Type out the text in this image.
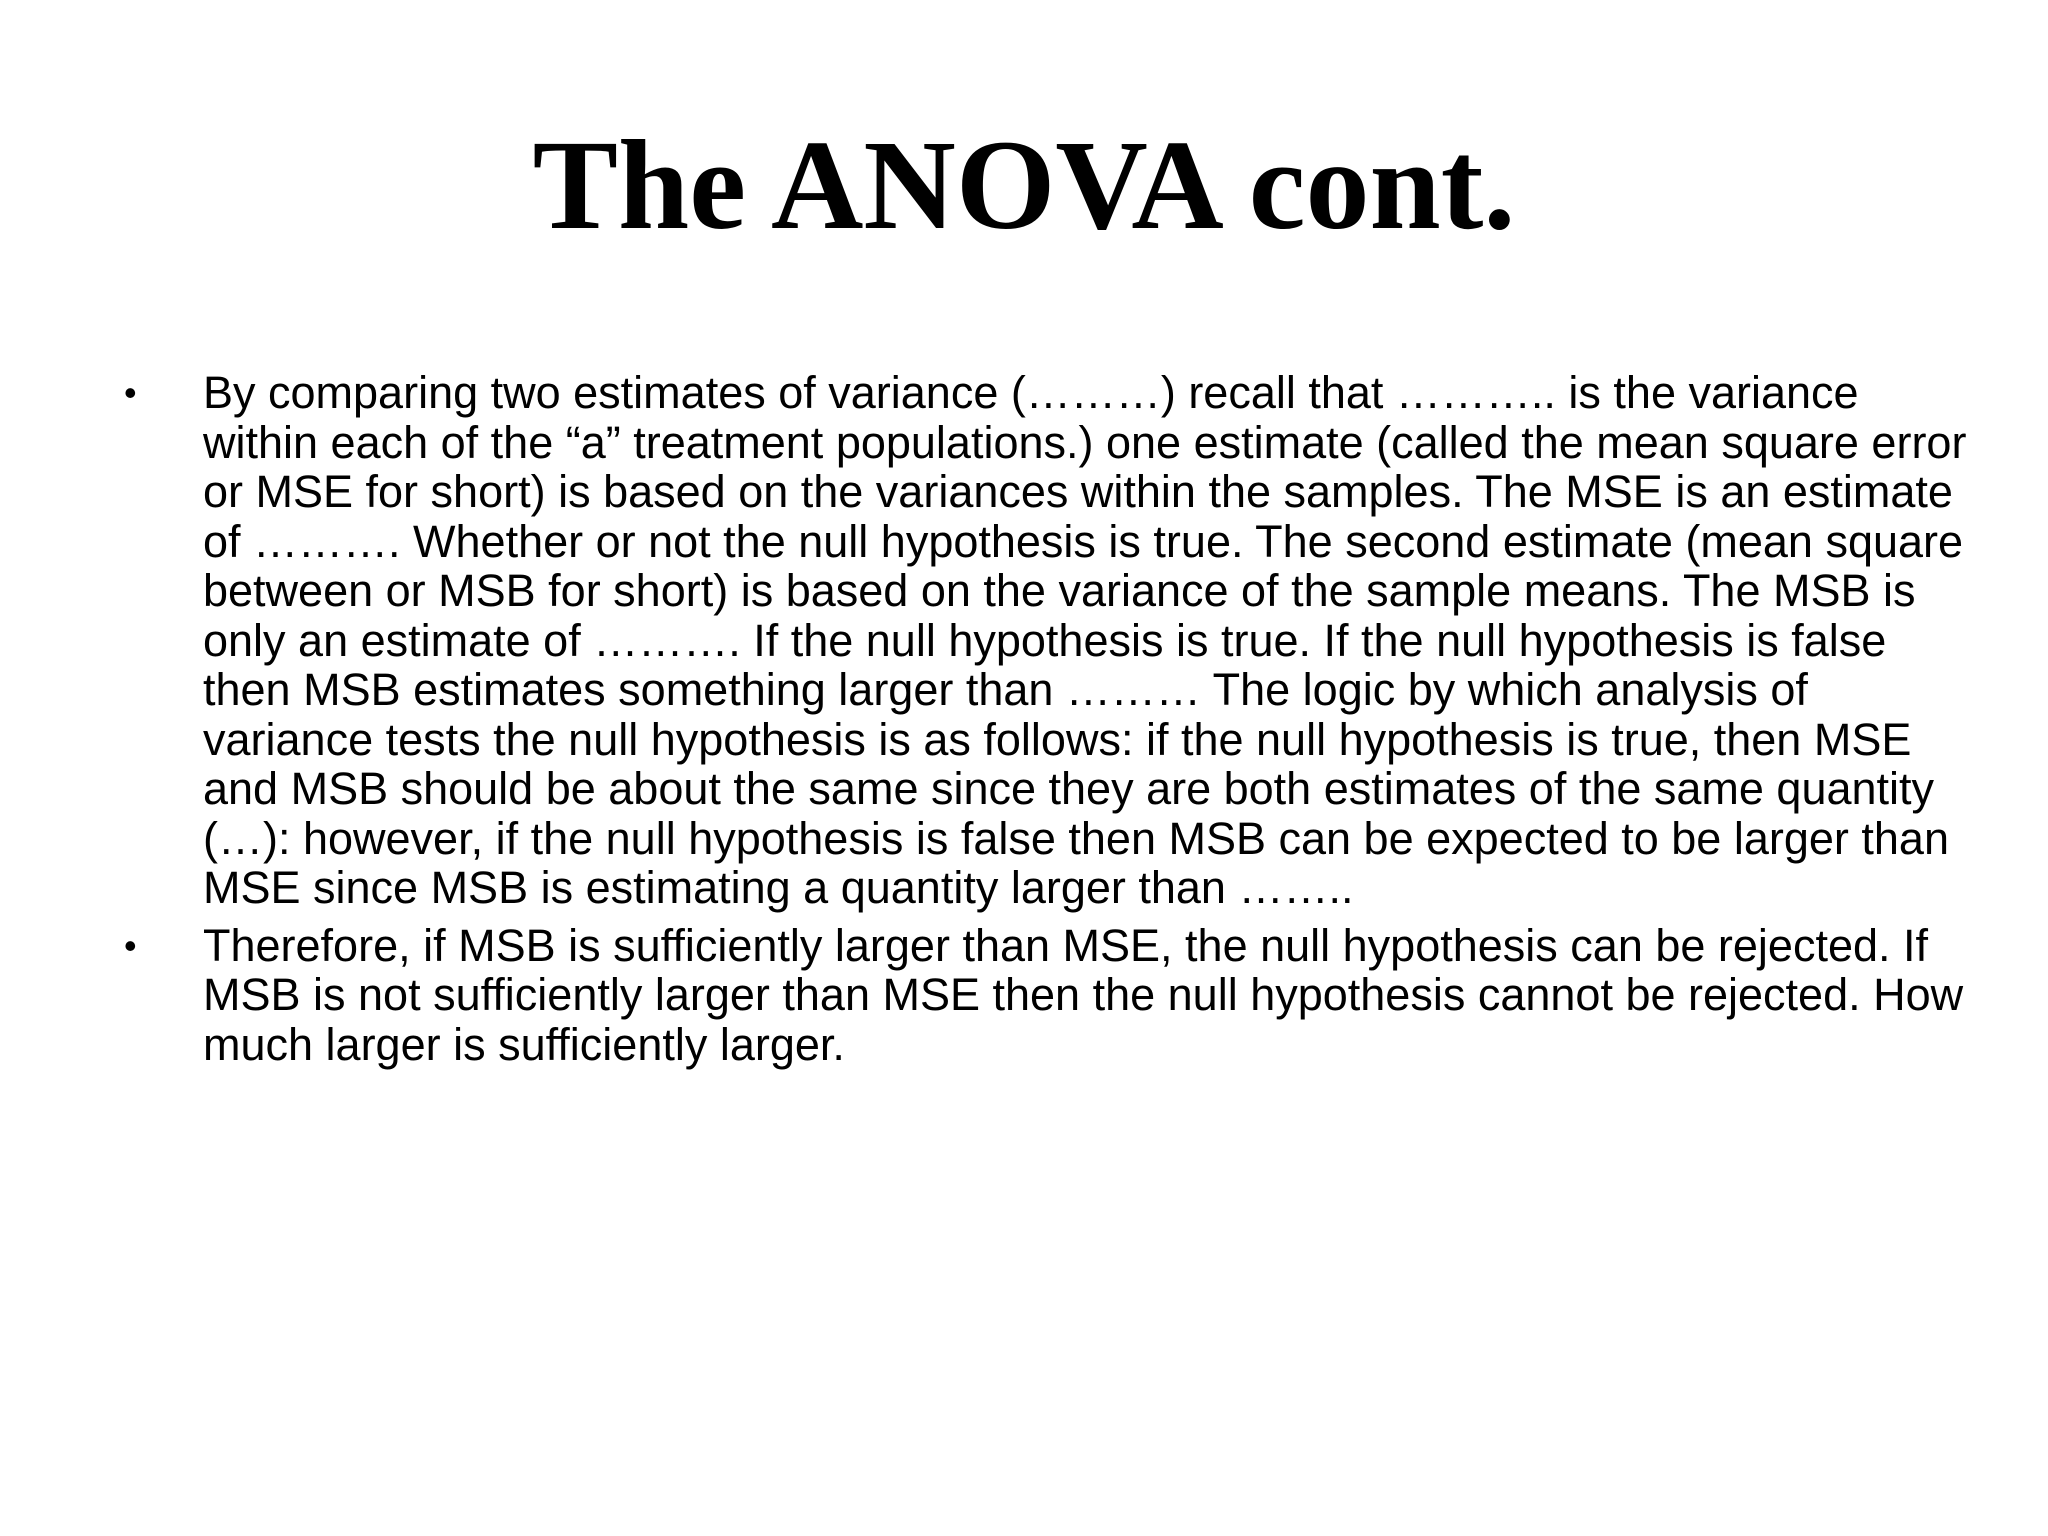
The ANOVA cont.
•	By comparing two estimates of variance (………) recall that ……….. is the variance within each of the “a” treatment populations.) one estimate (called the mean square error or MSE for short) is based on the variances within the samples. The MSE is an estimate of ………. Whether or not the null hypothesis is true. The second estimate (mean square between or MSB for short) is based on the variance of the sample means. The MSB is only an estimate of ………. If the null hypothesis is true. If the null hypothesis is false then MSB estimates something larger than ……… The logic by which analysis of variance tests the null hypothesis is as follows: if the null hypothesis is true, then MSE and MSB should be about the same since they are both estimates of the same quantity (…): however, if the null hypothesis is false then MSB can be expected to be larger than MSE since MSB is estimating a quantity larger than ……..
•	Therefore, if MSB is sufficiently larger than MSE, the null hypothesis can be rejected. If MSB is not sufficiently larger than MSE then the null hypothesis cannot be rejected. How much larger is sufficiently larger.
